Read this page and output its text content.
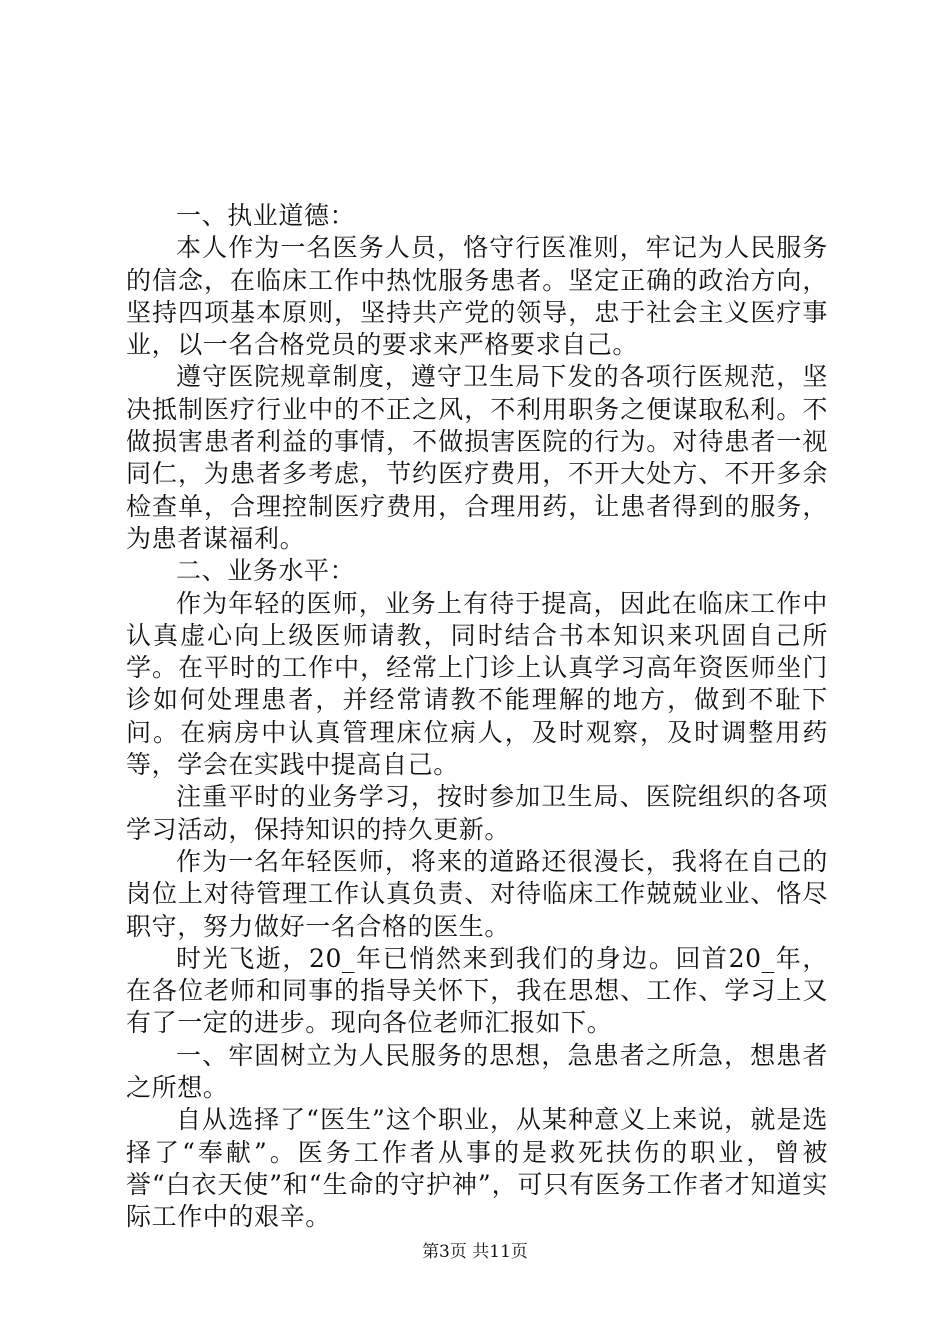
一、执业道德：

本人作为一名医务人员，恪守行医准则，牢记为人民服务的信念，在临床工作中热忱服务患者。坚定正确的政治方向，坚持四项基本原则，坚持共产党的领导，忠于社会主义医疗事业，以一名合格党员的要求来严格要求自己。

遵守医院规章制度，遵守卫生局下发的各项行医规范，坚决抵制医疗行业中的不正之风，不利用职务之便谋取私利。不做损害患者利益的事情，不做损害医院的行为。对待患者一视同仁，为患者多考虑，节约医疗费用，不开大处方、不开多余检查单，合理控制医疗费用，合理用药，让患者得到的服务，为患者谋福利。

二、业务水平：

作为年轻的医师，业务上有待于提高，因此在临床工作中认真虚心向上级医师请教，同时结合书本知识来巩固自己所学。在平时的工作中，经常上门诊上认真学习高年资医师坐门诊如何处理患者，并经常请教不能理解的地方，做到不耻下问。在病房中认真管理床位病人，及时观察，及时调整用药等，学会在实践中提高自己。

注重平时的业务学习，按时参加卫生局、医院组织的各项学习活动，保持知识的持久更新。

作为一名年轻医师，将来的道路还很漫长，我将在自己的岗位上对待管理工作认真负责、对待临床工作兢兢业业、恪尽职守，努力做好一名合格的医生。

时光飞逝，20_年已悄然来到我们的身边。回首20_年，在各位老师和同事的指导关怀下，我在思想、工作、学习上又有了一定的进步。现向各位老师汇报如下。

一、牢固树立为人民服务的思想，急患者之所急，想患者之所想。

自从选择了“医生”这个职业，从某种意义上来说，就是选择了“奉献”。医务工作者从事的是救死扶伤的职业，曾被誉“白衣天使”和“生命的守护神”，可只有医务工作者才知道实际工作中的艰辛。

第3页 共11页
